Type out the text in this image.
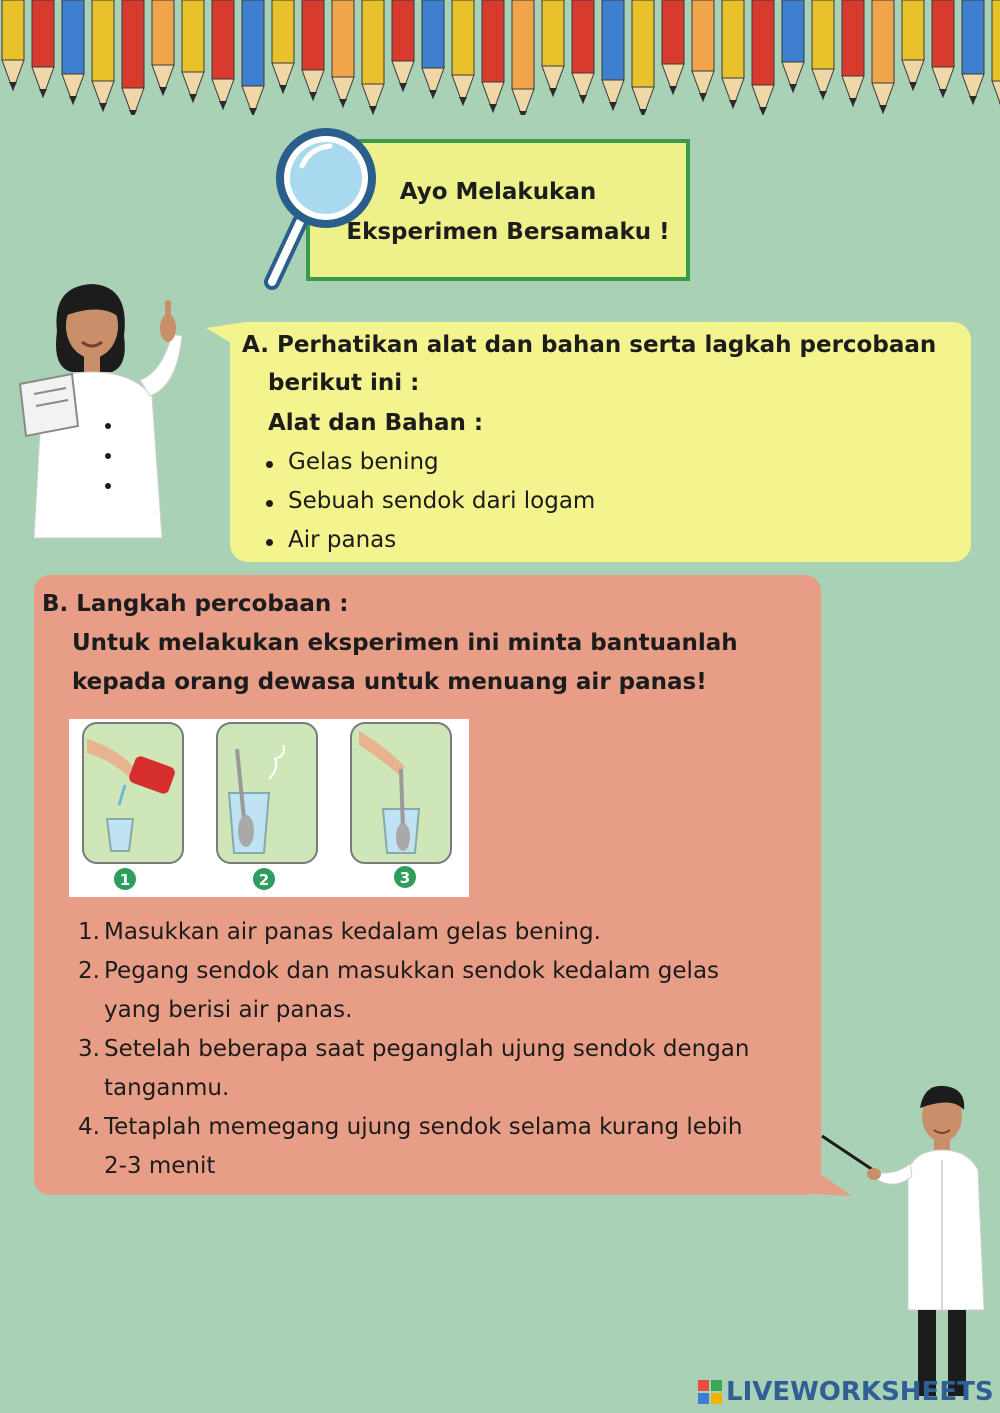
Ayo Melakukan
Eksperimen Bersamaku !
A. Perhatikan alat dan bahan serta lagkah percobaan
berikut ini :
Alat dan Bahan :
Gelas bening
Sebuah sendok dari logam
Air panas
B. Langkah percobaan :
Untuk melakukan eksperimen ini minta bantuanlah
kepada orang dewasa untuk menuang air panas!
1	2	3
1. Masukkan air panas kedalam gelas bening.
2. Pegang sendok dan masukkan sendok kedalam gelas
yang berisi air panas.
3. Setelah beberapa saat peganglah ujung sendok dengan
tanganmu.
4. Tetaplah memegang ujung sendok selama kurang lebih
2-3 menit
LIVEWORKSHEETS
